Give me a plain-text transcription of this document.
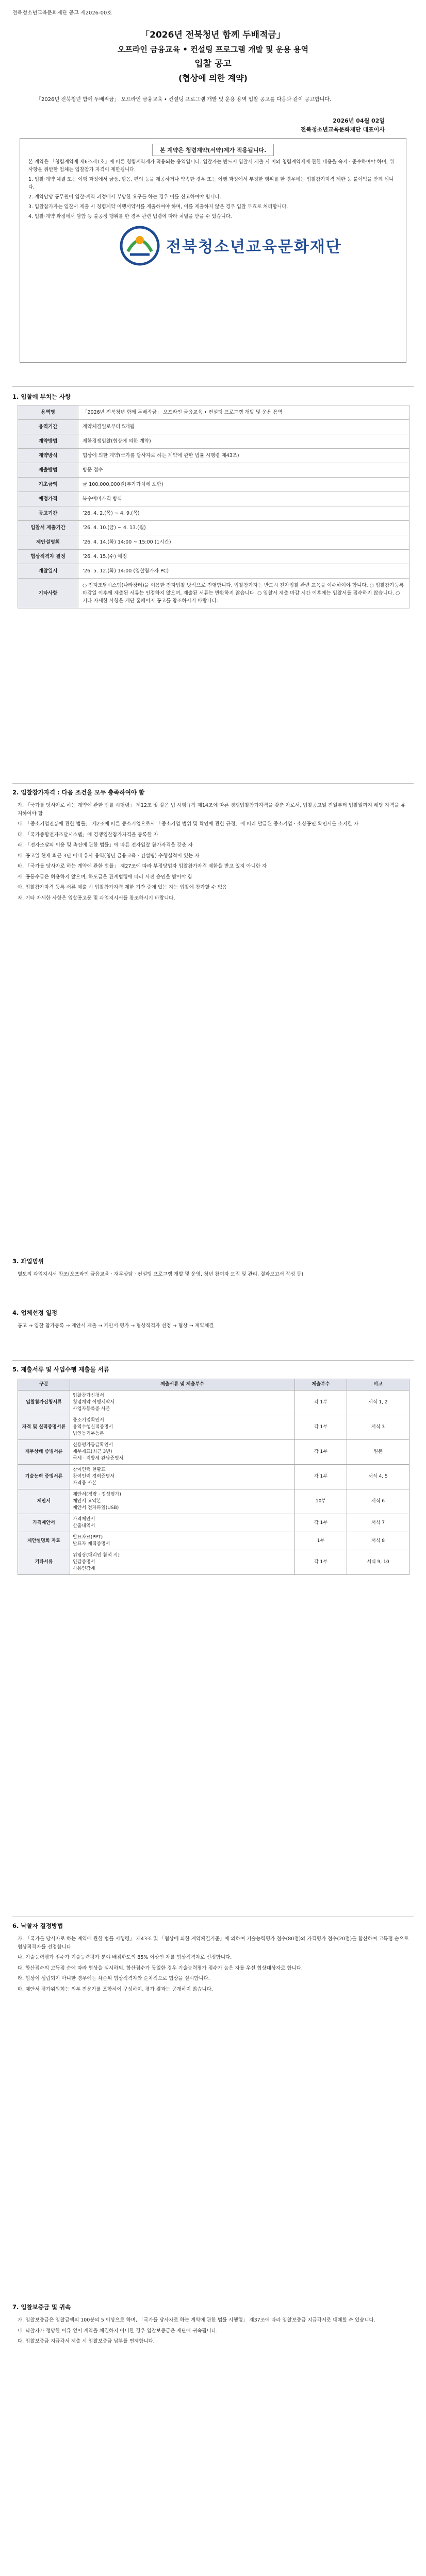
전북청소년교육문화재단 공고 제2026-00호
「2026년 전북청년 함께 두배적금」
오프라인 금융교육 • 컨설팅 프로그램 개발 및 운용 용역
입찰 공고
(협상에 의한 계약)
「2026년 전북청년 함께 두배적금」 오프라인 금융교육 • 컨설팅 프로그램 개발 및 운용 용역 입찰 공고를 다음과 같이 공고합니다.
2026년 04월 02일
전북청소년교육문화재단 대표이사
본 계약은 청렴계약(서약)제가 적용됩니다.

본 계약은 「청렴계약제 제6조제1호」에 따른 청렴계약제가 적용되는 용역입니다. 입찰자는 반드시 입찰서 제출 시 이와 청렴계약제에 관한 내용을 숙지 · 준수하여야 하며, 위 사항을 위반한 업체는 입찰참가 자격이 제한됩니다.

1. 입찰·계약 체결 또는 이행 과정에서 금품, 향응, 편의 등을 제공하거나 약속한 경우 또는 이행 과정에서 부정한 행위를 한 경우에는 입찰참가자격 제한 등 불이익을 받게 됩니다.

2. 계약담당 공무원이 입찰·계약 과정에서 부당한 요구를 하는 경우 이를 신고하여야 합니다.

3. 입찰참가자는 입찰서 제출 시 청렴계약 이행서약서를 제출하여야 하며, 이를 제출하지 않은 경우 입찰 무효로 처리합니다.

4. 입찰·계약 과정에서 담합 등 불공정 행위를 한 경우 관련 법령에 따라 처벌을 받을 수 있습니다.

전북청소년교육문화재단
1. 입찰에 부치는 사항
용역명	「2026년 전북청년 함께 두배적금」 오프라인 금융교육 • 컨설팅 프로그램 개발 및 운용 용역
용역기간	계약체결일로부터 5개월
계약방법	제한경쟁입찰(협상에 의한 계약)
계약방식	협상에 의한 계약(국가를 당사자로 하는 계약에 관한 법률 시행령 제43조)
제출방법	방문 접수
기초금액	금 100,000,000원(부가가치세 포함)
예정가격	복수예비가격 방식
공고기간	’26. 4. 2.(목) ~ 4. 9.(목)
입찰서 제출기간	’26. 4. 10.(금) ~ 4. 13.(월)
제안설명회	’26. 4. 14.(화) 14:00 ~ 15:00 (1시간)
협상적격자 결정	’26. 4. 15.(수) 예정
개찰일시	’26. 5. 12.(화) 14:00 (입찰참가자 PC)
기타사항	○ 전자조달시스템(나라장터)을 이용한 전자입찰 방식으로 진행합니다. 입찰참가자는 반드시 전자입찰 관련 교육을 이수하여야 합니다. ○ 입찰참가등록 마감일 이후에 제출된 서류는 인정하지 않으며, 제출된 서류는 반환하지 않습니다. ○ 입찰서 제출 마감 시간 이후에는 입찰서를 접수하지 않습니다. ○ 기타 자세한 사항은 재단 홈페이지 공고를 참조하시기 바랍니다.
2. 입찰참가자격 : 다음 조건을 모두 충족하여야 함

가. 「국가를 당사자로 하는 계약에 관한 법률 시행령」 제12조 및 같은 법 시행규칙 제14조에 따른 경쟁입찰참가자격을 갖춘 자로서, 입찰공고일 전일부터 입찰일까지 해당 자격을 유지하여야 함

나. 「중소기업진흥에 관한 법률」 제2조에 따른 중소기업으로서 「중소기업 범위 및 확인에 관한 규정」에 따라 발급된 중소기업 · 소상공인 확인서를 소지한 자

다. 「국가종합전자조달시스템」에 경쟁입찰참가자격을 등록한 자

라. 「전자조달의 이용 및 촉진에 관한 법률」에 따른 전자입찰 참가자격을 갖춘 자

마. 공고일 현재 최근 3년 이내 유사 용역(청년 금융교육 · 컨설팅) 수행실적이 있는 자

바. 「국가를 당사자로 하는 계약에 관한 법률」 제27조에 따라 부정당업자 입찰참가자격 제한을 받고 있지 아니한 자

사. 공동수급은 허용하지 않으며, 하도급은 관계법령에 따라 사전 승인을 받아야 함

아. 입찰참가자격 등록 서류 제출 시 입찰참가자격 제한 기간 중에 있는 자는 입찰에 참가할 수 없음

자. 기타 자세한 사항은 입찰공고문 및 과업지시서를 참조하시기 바랍니다.

3. 과업범위

별도의 과업지시서 참조(오프라인 금융교육 · 재무상담 · 컨설팅 프로그램 개발 및 운영, 청년 참여자 모집 및 관리, 결과보고서 작성 등)

4. 업체선정 일정

공고 → 입찰 참가등록 → 제안서 제출 → 제안서 평가 → 협상적격자 선정 → 협상 → 계약체결

5. 제출서류 및 사업수행 제출물 서류
구분	제출서류 및 제출부수	제출부수	비고
입찰참가신청서류	입찰참가신청서
청렴계약 이행서약서
사업자등록증 사본	각 1부	서식 1, 2
자격 및 실적증명서류	중소기업확인서
용역수행실적증명서
법인등기부등본	각 1부	서식 3
재무상태 증빙서류	신용평가등급확인서
재무제표(최근 3년)
국세 · 지방세 완납증명서	각 1부	원본
기술능력 증빙서류	참여인력 현황표
참여인력 경력증명서
자격증 사본	각 1부	서식 4, 5
제안서	제안서(정량 · 정성평가)
제안서 요약본
제안서 전자파일(USB)	10부	서식 6
가격제안서	가격제안서
산출내역서	각 1부	서식 7
제안설명회 자료	발표자료(PPT)
발표자 재직증명서	1부	서식 8
기타서류	위임장(대리인 참석 시)
인감증명서
사용인감계	각 1부	서식 9, 10
6. 낙찰자 결정방법

가. 「국가를 당사자로 하는 계약에 관한 법률 시행령」 제43조 및 「협상에 의한 계약체결기준」에 의하여 기술능력평가 점수(80점)와 가격평가 점수(20점)를 합산하여 고득점 순으로 협상적격자를 선정합니다.

나. 기술능력평가 점수가 기술능력평가 분야 배점한도의 85% 이상인 자를 협상적격자로 선정합니다.

다. 합산점수의 고득점 순에 따라 협상을 실시하되, 합산점수가 동일한 경우 기술능력평가 점수가 높은 자를 우선 협상대상자로 합니다.

라. 협상이 성립되지 아니한 경우에는 차순위 협상적격자와 순차적으로 협상을 실시합니다.

마. 제안서 평가위원회는 외부 전문가를 포함하여 구성하며, 평가 결과는 공개하지 않습니다.

7. 입찰보증금 및 귀속

가. 입찰보증금은 입찰금액의 100분의 5 이상으로 하며, 「국가를 당사자로 하는 계약에 관한 법률 시행령」 제37조에 따라 입찰보증금 지급각서로 대체할 수 있습니다.

나. 낙찰자가 정당한 이유 없이 계약을 체결하지 아니한 경우 입찰보증금은 재단에 귀속됩니다.

다. 입찰보증금 지급각서 제출 시 입찰보증금 납부를 면제합니다.
